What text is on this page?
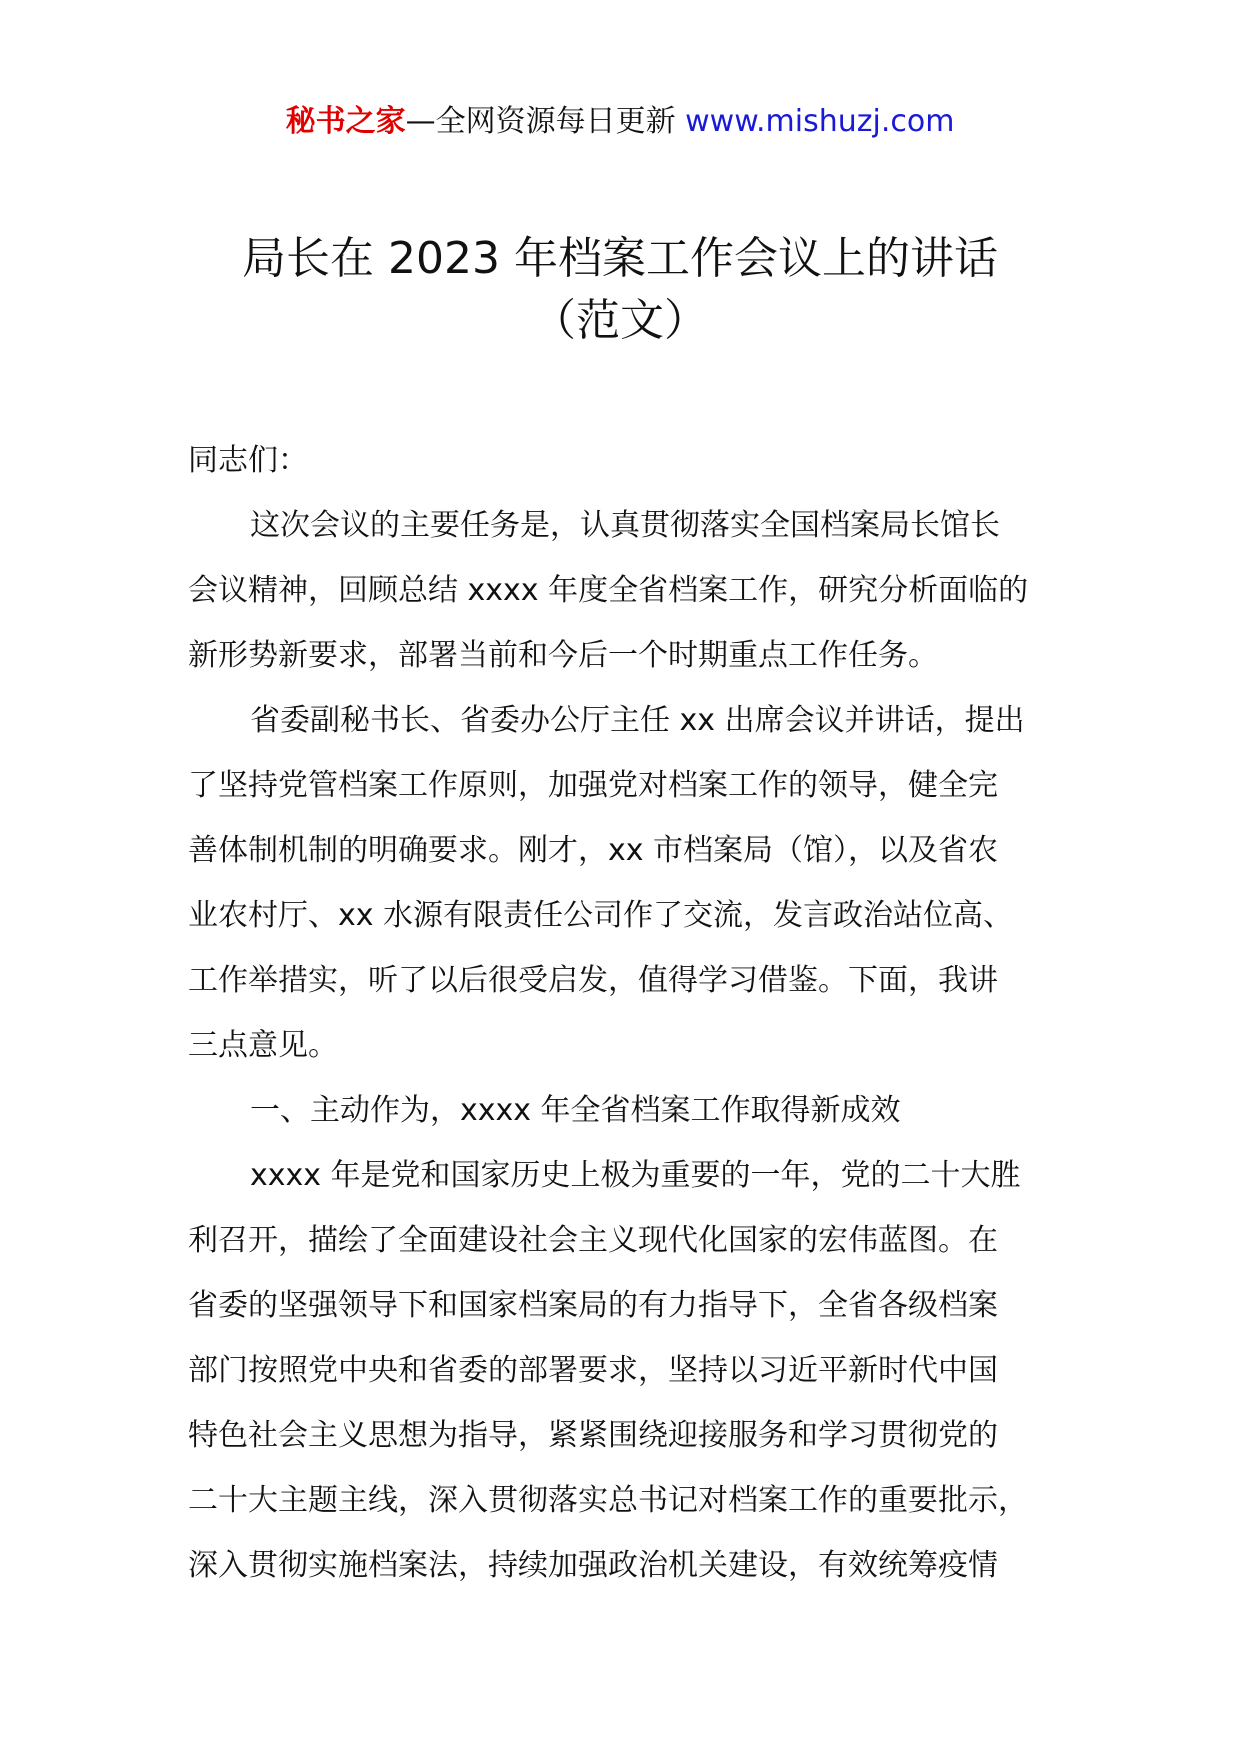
秘书之家—全网资源每日更新 www.mishuzj.com
局长在 2023 年档案工作会议上的讲话
（范文）
同志们：
这次会议的主要任务是，认真贯彻落实全国档案局长馆长
会议精神，回顾总结 xxxx 年度全省档案工作，研究分析面临的
新形势新要求，部署当前和今后一个时期重点工作任务。
省委副秘书长、省委办公厅主任 xx 出席会议并讲话，提出
了坚持党管档案工作原则，加强党对档案工作的领导，健全完
善体制机制的明确要求。刚才，xx 市档案局（馆），以及省农
业农村厅、xx 水源有限责任公司作了交流，发言政治站位高、
工作举措实，听了以后很受启发，值得学习借鉴。下面，我讲
三点意见。
一、主动作为，xxxx 年全省档案工作取得新成效
xxxx 年是党和国家历史上极为重要的一年，党的二十大胜
利召开，描绘了全面建设社会主义现代化国家的宏伟蓝图。在
省委的坚强领导下和国家档案局的有力指导下，全省各级档案
部门按照党中央和省委的部署要求，坚持以习近平新时代中国
特色社会主义思想为指导，紧紧围绕迎接服务和学习贯彻党的
二十大主题主线，深入贯彻落实总书记对档案工作的重要批示，
深入贯彻实施档案法，持续加强政治机关建设，有效统筹疫情
